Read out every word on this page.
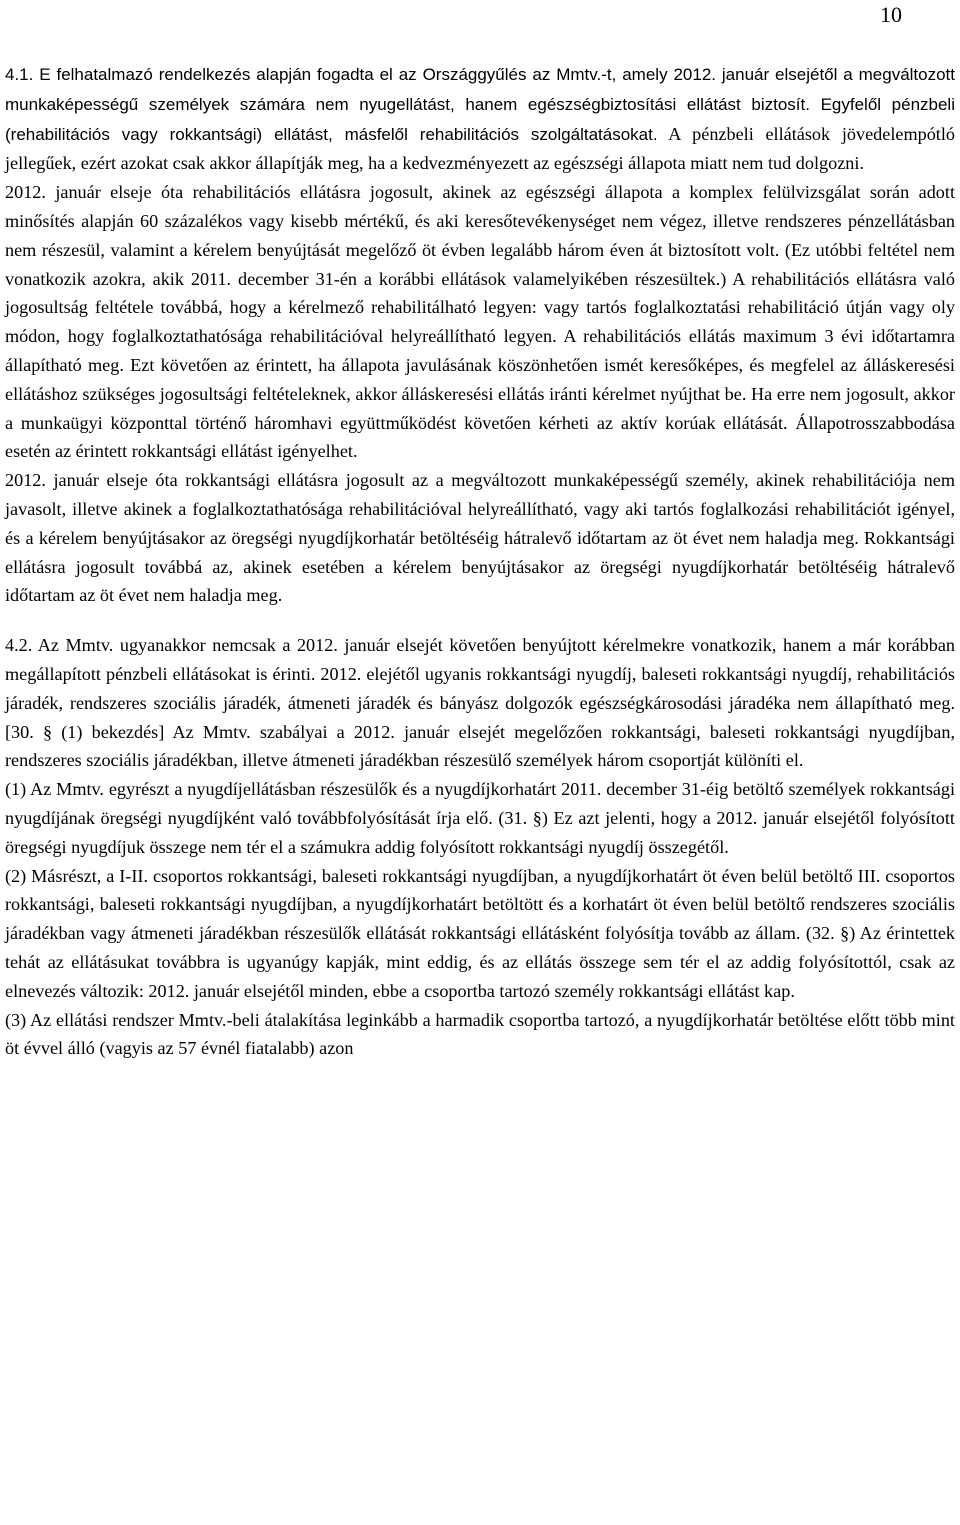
10

4.1. E felhatalmazó rendelkezés alapján fogadta el az Országgyűlés az Mmtv.-t, amely 2012. január elsejétől a megváltozott munkaképességű személyek számára nem nyugellátást, hanem egészségbiztosítási ellátást biztosít. Egyfelől pénzbeli (rehabilitációs vagy rokkantsági) ellátást, másfelől rehabilitációs szolgáltatásokat. A pénzbeli ellátások jövedelempótló jellegűek, ezért azokat csak akkor állapítják meg, ha a kedvezményezett az egészségi állapota miatt nem tud dolgozni.

2012. január elseje óta rehabilitációs ellátásra jogosult, akinek az egészségi állapota a komplex felülvizsgálat során adott minősítés alapján 60 százalékos vagy kisebb mértékű, és aki keresőtevékenységet nem végez, illetve rendszeres pénzellátásban nem részesül, valamint a kérelem benyújtását megelőző öt évben legalább három éven át biztosított volt. (Ez utóbbi feltétel nem vonatkozik azokra, akik 2011. december 31-én a korábbi ellátások valamelyikében részesültek.) A rehabilitációs ellátásra való jogosultság feltétele továbbá, hogy a kérelmező rehabilitálható legyen: vagy tartós foglalkoztatási rehabilitáció útján vagy oly módon, hogy foglalkoztathatósága rehabilitációval helyreállítható legyen. A rehabilitációs ellátás maximum 3 évi időtartamra állapítható meg. Ezt követően az érintett, ha állapota javulásának köszönhetően ismét keresőképes, és megfelel az álláskeresési ellátáshoz szükséges jogosultsági feltételeknek, akkor álláskeresési ellátás iránti kérelmet nyújthat be. Ha erre nem jogosult, akkor a munkaügyi központtal történő háromhavi együttműködést követően kérheti az aktív korúak ellátását. Állapotrosszabbodása esetén az érintett rokkantsági ellátást igényelhet.

2012. január elseje óta rokkantsági ellátásra jogosult az a megváltozott munkaképességű személy, akinek rehabilitációja nem javasolt, illetve akinek a foglalkoztathatósága rehabilitációval helyreállítható, vagy aki tartós foglalkozási rehabilitációt igényel, és a kérelem benyújtásakor az öregségi nyugdíjkorhatár betöltéséig hátralevő időtartam az öt évet nem haladja meg. Rokkantsági ellátásra jogosult továbbá az, akinek esetében a kérelem benyújtásakor az öregségi nyugdíjkorhatár betöltéséig hátralevő időtartam az öt évet nem haladja meg.

4.2. Az Mmtv. ugyanakkor nemcsak a 2012. január elsejét követően benyújtott kérelmekre vonatkozik, hanem a már korábban megállapított pénzbeli ellátásokat is érinti. 2012. elejétől ugyanis rokkantsági nyugdíj, baleseti rokkantsági nyugdíj, rehabilitációs járadék, rendszeres szociális járadék, átmeneti járadék és bányász dolgozók egészségkárosodási járadéka nem állapítható meg. [30. § (1) bekezdés] Az Mmtv. szabályai a 2012. január elsejét megelőzően rokkantsági, baleseti rokkantsági nyugdíjban, rendszeres szociális járadékban, illetve átmeneti járadékban részesülő személyek három csoportját különíti el.

(1) Az Mmtv. egyrészt a nyugdíjellátásban részesülők és a nyugdíjkorhatárt 2011. december 31-éig betöltő személyek rokkantsági nyugdíjának öregségi nyugdíjként való továbbfolyósítását írja elő. (31. §) Ez azt jelenti, hogy a 2012. január elsejétől folyósított öregségi nyugdíjuk összege nem tér el a számukra addig folyósított rokkantsági nyugdíj összegétől.

(2) Másrészt, a I-II. csoportos rokkantsági, baleseti rokkantsági nyugdíjban, a nyugdíjkorhatárt öt éven belül betöltő III. csoportos rokkantsági, baleseti rokkantsági nyugdíjban, a nyugdíjkorhatárt betöltött és a korhatárt öt éven belül betöltő rendszeres szociális járadékban vagy átmeneti járadékban részesülők ellátását rokkantsági ellátásként folyósítja tovább az állam. (32. §) Az érintettek tehát az ellátásukat továbbra is ugyanúgy kapják, mint eddig, és az ellátás összege sem tér el az addig folyósítottól, csak az elnevezés változik: 2012. január elsejétől minden, ebbe a csoportba tartozó személy rokkantsági ellátást kap.

(3) Az ellátási rendszer Mmtv.-beli átalakítása leginkább a harmadik csoportba tartozó, a nyugdíjkorhatár betöltése előtt több mint öt évvel álló (vagyis az 57 évnél fiatalabb) azon
